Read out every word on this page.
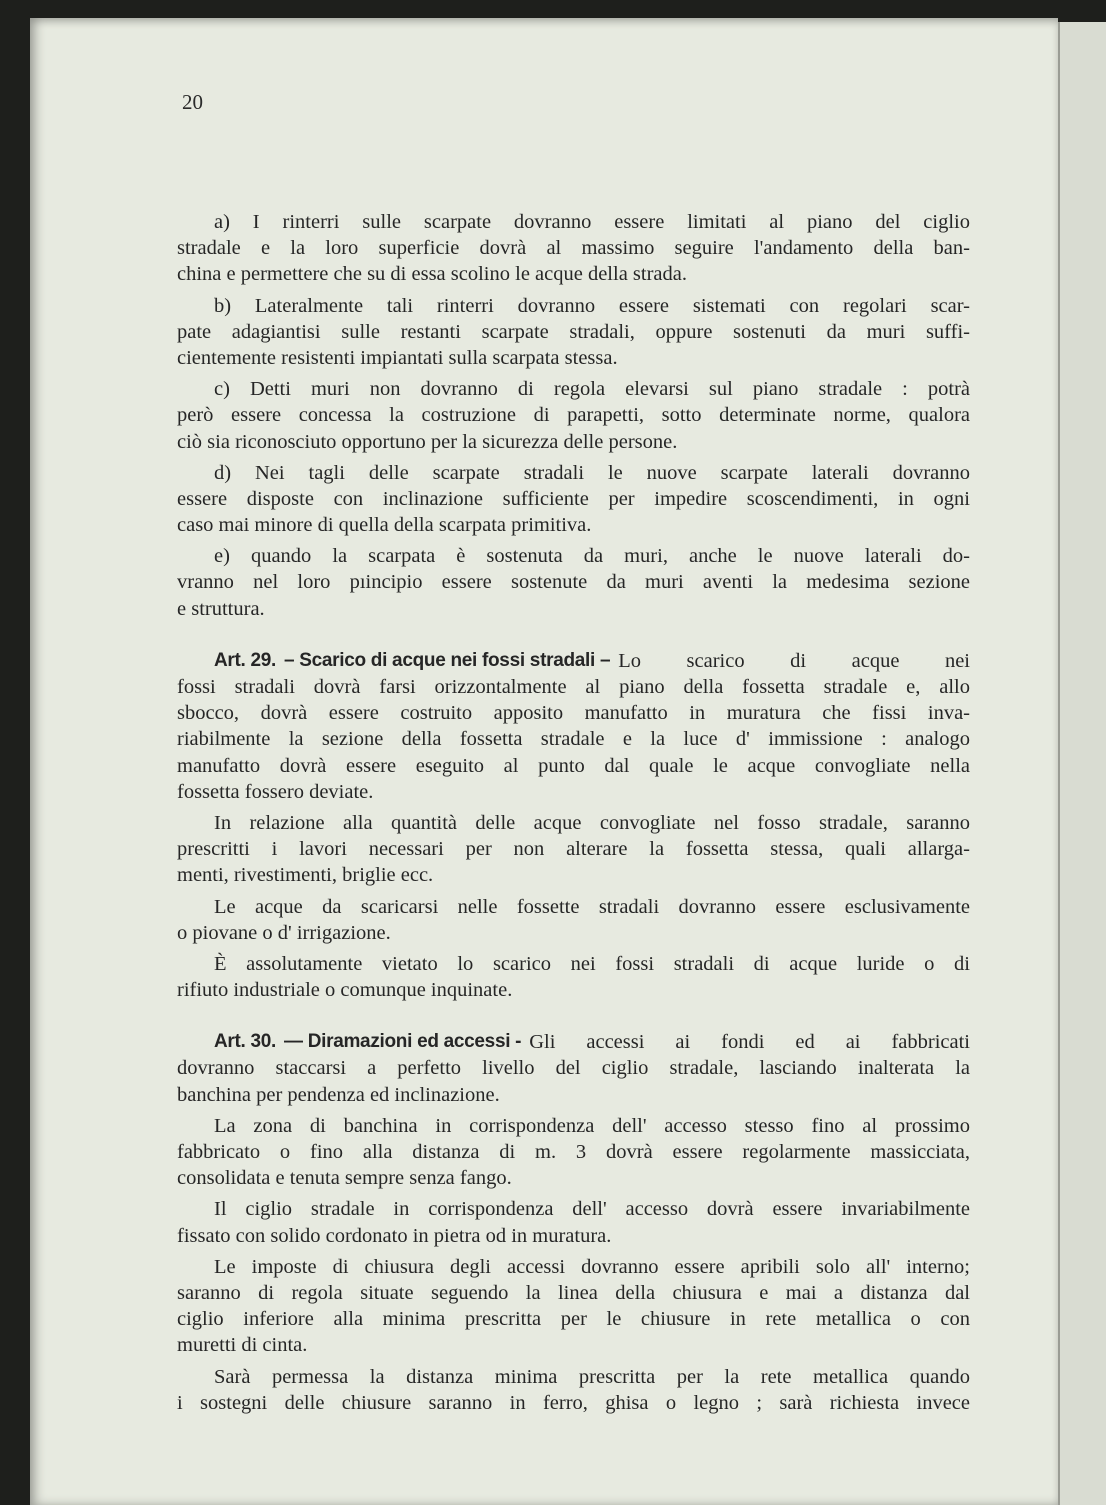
20
a) I rinterri sulle scarpate dovranno essere limitati al piano del ciglio
stradale e la loro superficie dovrà al massimo seguire l'andamento della ban-
china e permettere che su di essa scolino le acque della strada.
b) Lateralmente tali rinterri dovranno essere sistemati con regolari scar-
pate adagiantisi sulle restanti scarpate stradali, oppure sostenuti da muri suffi-
cientemente resistenti impiantati sulla scarpata stessa.
c) Detti muri non dovranno di regola elevarsi sul piano stradale : potrà
però essere concessa la costruzione di parapetti, sotto determinate norme, qualora
ciò sia riconosciuto opportuno per la sicurezza delle persone.
d) Nei tagli delle scarpate stradali le nuove scarpate laterali dovranno
essere disposte con inclinazione sufficiente per impedire scoscendimenti, in ogni
caso mai minore di quella della scarpata primitiva.
e) quando la scarpata è sostenuta da muri, anche le nuove laterali do-
vranno nel loro pıincipio essere sostenute da muri aventi la medesima sezione
e struttura.
Art. 29. – Scarico di acque nei fossi stradali – Lo scarico di acque nei
fossi stradali dovrà farsi orizzontalmente al piano della fossetta stradale e, allo
sbocco, dovrà essere costruito apposito manufatto in muratura che fissi inva-
riabilmente la sezione della fossetta stradale e la luce d' immissione : analogo
manufatto dovrà essere eseguito al punto dal quale le acque convogliate nella
fossetta fossero deviate.
In relazione alla quantità delle acque convogliate nel fosso stradale, saranno
prescritti i lavori necessari per non alterare la fossetta stessa, quali allarga-
menti, rivestimenti, briglie ecc.
Le acque da scaricarsi nelle fossette stradali dovranno essere esclusivamente
o piovane o d' irrigazione.
È assolutamente vietato lo scarico nei fossi stradali di acque luride o di
rifiuto industriale o comunque inquinate.
Art. 30. — Diramazioni ed accessi - Gli accessi ai fondi ed ai fabbricati
dovranno staccarsi a perfetto livello del ciglio stradale, lasciando inalterata la
banchina per pendenza ed inclinazione.
La zona di banchina in corrispondenza dell' accesso stesso fino al prossimo
fabbricato o fino alla distanza di m. 3 dovrà essere regolarmente massicciata,
consolidata e tenuta sempre senza fango.
Il ciglio stradale in corrispondenza dell' accesso dovrà essere invariabilmente
fissato con solido cordonato in pietra od in muratura.
Le imposte di chiusura degli accessi dovranno essere apribili solo all' interno;
saranno di regola situate seguendo la linea della chiusura e mai a distanza dal
ciglio inferiore alla minima prescritta per le chiusure in rete metallica o con
muretti di cinta.
Sarà permessa la distanza minima prescritta per la rete metallica quando
i sostegni delle chiusure saranno in ferro, ghisa o legno ; sarà richiesta invece
